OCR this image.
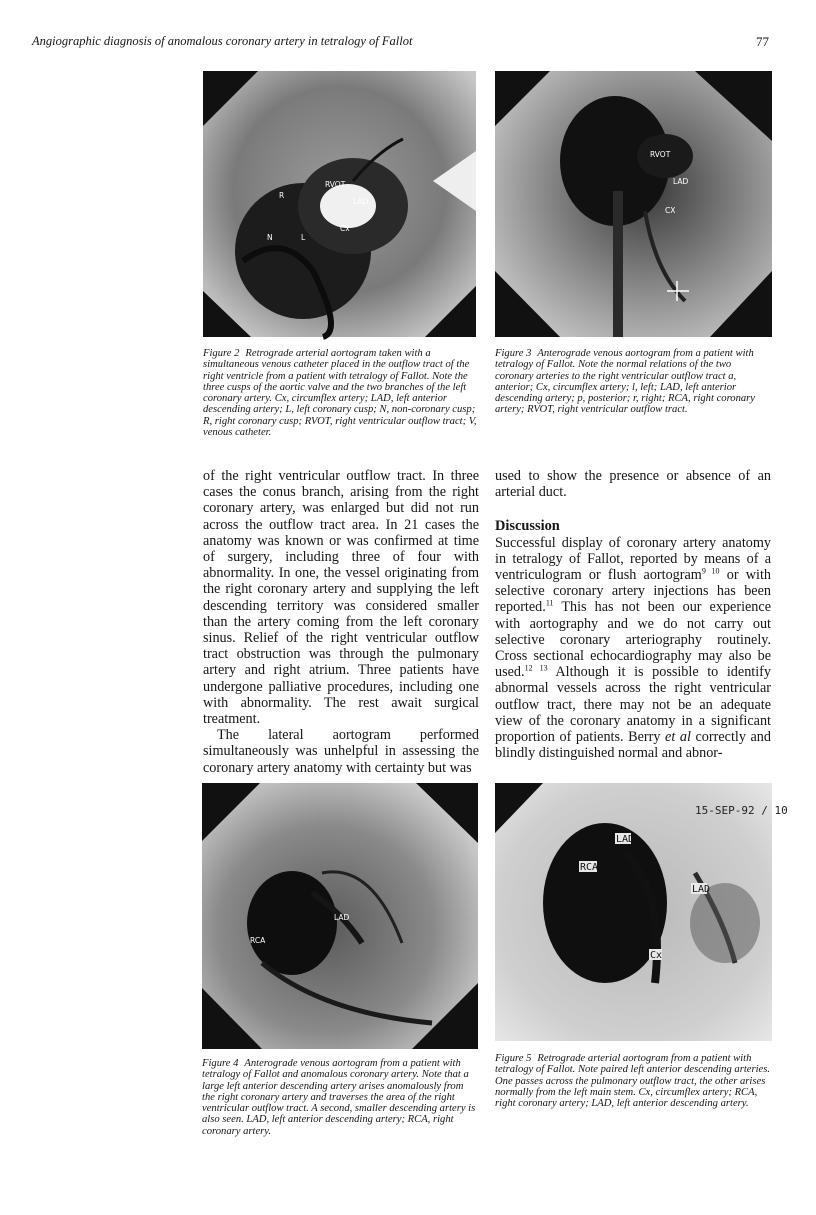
Angiographic diagnosis of anomalous coronary artery in tetralogy of Fallot	77
RVOT
LAD
R
N	L
Cx
Figure 2 Retrograde arterial aortogram taken with a simultaneous venous catheter placed in the outflow tract of the right ventricle from a patient with tetralogy of Fallot. Note the three cusps of the aortic valve and the two branches of the left coronary artery. Cx, circumflex artery; LAD, left anterior descending artery; L, left coronary cusp; N, non-coronary cusp; R, right coronary cusp; RVOT, right ventricular outflow tract; V, venous catheter.
RVOT
LAD
CX
Figure 3 Anterograde venous aortogram from a patient with tetralogy of Fallot. Note the normal relations of the two coronary arteries to the right ventricular outflow tract a, anterior; Cx, circumflex artery; l, left; LAD, left anterior descending artery; p, posterior; r, right; RCA, right coronary artery; RVOT, right ventricular outflow tract.

of the right ventricular outflow tract. In three cases the conus branch, arising from the right coronary artery, was enlarged but did not run across the outflow tract area. In 21 cases the anatomy was known or was confirmed at time of surgery, including three of four with abnormality. In one, the vessel originating from the right coronary artery and supplying the left descending territory was considered smaller than the artery coming from the left coronary sinus. Relief of the right ventricular outflow tract obstruction was through the pulmonary artery and right atrium. Three patients have undergone palliative procedures, including one with abnormality. The rest await surgical treatment.

The lateral aortogram performed simultaneously was unhelpful in assessing the coronary artery anatomy with certainty but was

used to show the presence or absence of an arterial duct.

Discussion

Successful display of coronary artery anatomy in tetralogy of Fallot, reported by means of a ventriculogram or flush aortogram$^{9 10}$ or with selective coronary artery injections has been reported.$^{11}$ This has not been our experience with aortography and we do not carry out selective coronary arteriography routinely. Cross sectional echocardiography may also be used.$^{12 13}$ Although it is possible to identify abnormal vessels across the right ventricular outflow tract, there may not be an adequate view of the coronary anatomy in a significant proportion of patients. Berry et al correctly and blindly distinguished normal and abnor-

LAD
RCA
Figure 4 Anterograde venous aortogram from a patient with tetralogy of Fallot and anomalous coronary artery. Note that a large left anterior descending artery arises anomalously from the right coronary artery and traverses the area of the right ventricular outflow tract. A second, smaller descending artery is also seen. LAD, left anterior descending artery; RCA, right coronary artery.
15-SEP-92 / 10
LAD
RCA
LAD
Cx
Figure 5 Retrograde arterial aortogram from a patient with tetralogy of Fallot. Note paired left anterior descending arteries. One passes across the pulmonary outflow tract, the other arises normally from the left main stem. Cx, circumflex artery; RCA, right coronary artery; LAD, left anterior descending artery.
